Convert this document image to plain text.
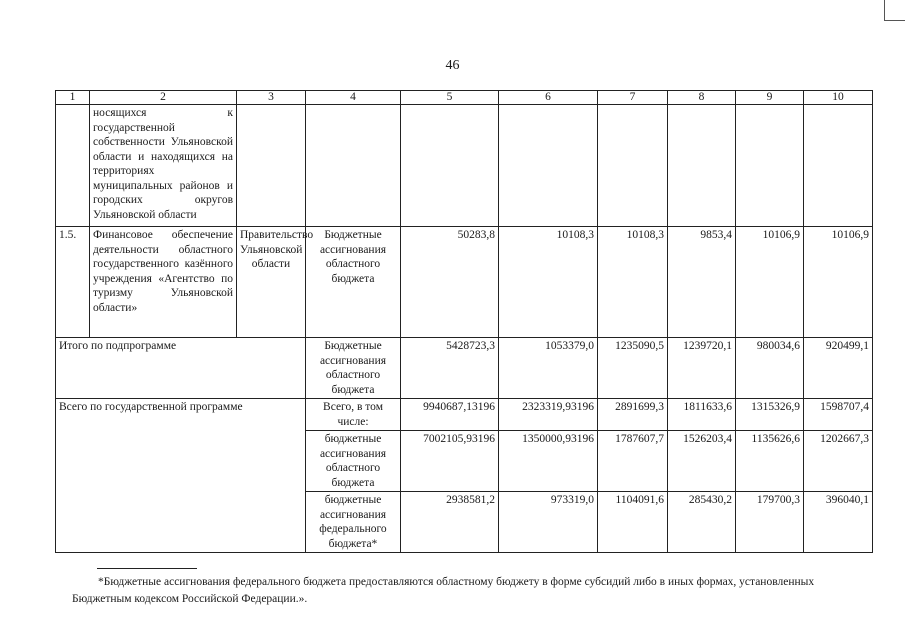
46
1	2	3	4	5	6	7	8	9	10
	носящихся к государственной собственности Ульяновской области и находящихся на территориях муниципальных районов и городских округов Ульяновской области								
1.5.	Финансовое обеспечение деятельности областного государственного казённого учреждения «Агентство по туризму Ульяновской области»	Правительство Ульяновской области	Бюджетные ассигнования областного бюджета	50283,8	10108,3	10108,3	9853,4	10106,9	10106,9
Итого по подпрограмме			Бюджетные ассигнования областного бюджета	5428723,3	1053379,0	1235090,5	1239720,1	980034,6	920499,1
Всего по государственной программе			Всего, в том числе:	9940687,13196	2323319,93196	2891699,3	1811633,6	1315326,9	1598707,4
			бюджетные ассигнования областного бюджета	7002105,93196	1350000,93196	1787607,7	1526203,4	1135626,6	1202667,3
			бюджетные ассигнования федерального бюджета*	2938581,2	973319,0	1104091,6	285430,2	179700,3	396040,1
*Бюджетные ассигнования федерального бюджета предоставляются областному бюджету в форме субсидий либо в иных формах, установленных Бюджетным кодексом Российской Федерации.».
